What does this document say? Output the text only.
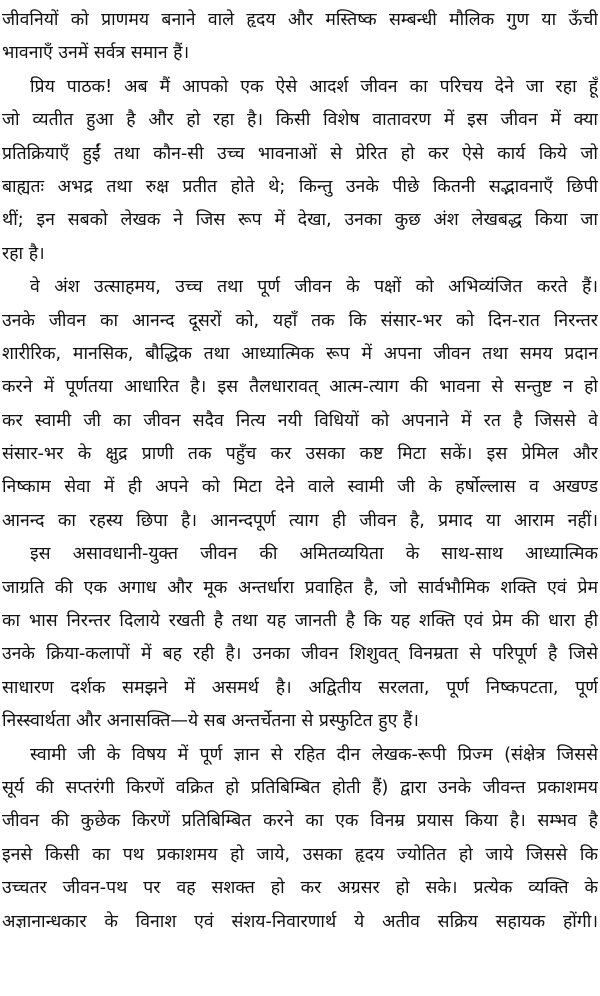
जीवनियों को प्राणमय बनाने वाले हृदय और मस्तिष्क सम्बन्धी मौलिक गुण या ऊँची
भावनाएँ उनमें सर्वत्र समान हैं।
प्रिय पाठक! अब मैं आपको एक ऐसे आदर्श जीवन का परिचय देने जा रहा हूँ
जो व्यतीत हुआ है और हो रहा है। किसी विशेष वातावरण में इस जीवन में क्या
प्रतिक्रियाएँ हुईं तथा कौन-सी उच्च भावनाओं से प्रेरित हो कर ऐसे कार्य किये जो
बाह्यतः अभद्र तथा रुक्ष प्रतीत होते थे; किन्तु उनके पीछे कितनी सद्भावनाएँ छिपी
थीं; इन सबको लेखक ने जिस रूप में देखा, उनका कुछ अंश लेखबद्ध किया जा
रहा है।
वे अंश उत्साहमय, उच्च तथा पूर्ण जीवन के पक्षों को अभिव्यंजित करते हैं।
उनके जीवन का आनन्द दूसरों को, यहाँ तक कि संसार-भर को दिन-रात निरन्तर
शारीरिक, मानसिक, बौद्धिक तथा आध्यात्मिक रूप में अपना जीवन तथा समय प्रदान
करने में पूर्णतया आधारित है। इस तैलधारावत् आत्म-त्याग की भावना से सन्तुष्ट न हो
कर स्वामी जी का जीवन सदैव नित्य नयी विधियों को अपनाने में रत है जिससे वे
संसार-भर के क्षुद्र प्राणी तक पहुँच कर उसका कष्ट मिटा सकें। इस प्रेमिल और
निष्काम सेवा में ही अपने को मिटा देने वाले स्वामी जी के हर्षोल्लास व अखण्ड
आनन्द का रहस्य छिपा है। आनन्दपूर्ण त्याग ही जीवन है, प्रमाद या आराम नहीं।
इस असावधानी-युक्त जीवन की अमितव्ययिता के साथ-साथ आध्यात्मिक
जाग्रति की एक अगाध और मूक अन्तर्धारा प्रवाहित है, जो सार्वभौमिक शक्ति एवं प्रेम
का भास निरन्तर दिलाये रखती है तथा यह जानती है कि यह शक्ति एवं प्रेम की धारा ही
उनके क्रिया-कलापों में बह रही है। उनका जीवन शिशुवत् विनम्रता से परिपूर्ण है जिसे
साधारण दर्शक समझने में असमर्थ है। अद्वितीय सरलता, पूर्ण निष्कपटता, पूर्ण
निस्स्वार्थता और अनासक्ति—ये सब अन्तर्चेतना से प्रस्फुटित हुए हैं।
स्वामी जी के विषय में पूर्ण ज्ञान से रहित दीन लेखक-रूपी प्रिज्म (संक्षेत्र जिससे
सूर्य की सप्तरंगी किरणें वक्रित हो प्रतिबिम्बित होती हैं) द्वारा उनके जीवन्त प्रकाशमय
जीवन की कुछेक किरणें प्रतिबिम्बित करने का एक विनम्र प्रयास किया है। सम्भव है
इनसे किसी का पथ प्रकाशमय हो जाये, उसका हृदय ज्योतित हो जाये जिससे कि
उच्चतर जीवन-पथ पर वह सशक्त हो कर अग्रसर हो सके। प्रत्येक व्यक्ति के
अज्ञानान्धकार के विनाश एवं संशय-निवारणार्थ ये अतीव सक्रिय सहायक होंगी।
